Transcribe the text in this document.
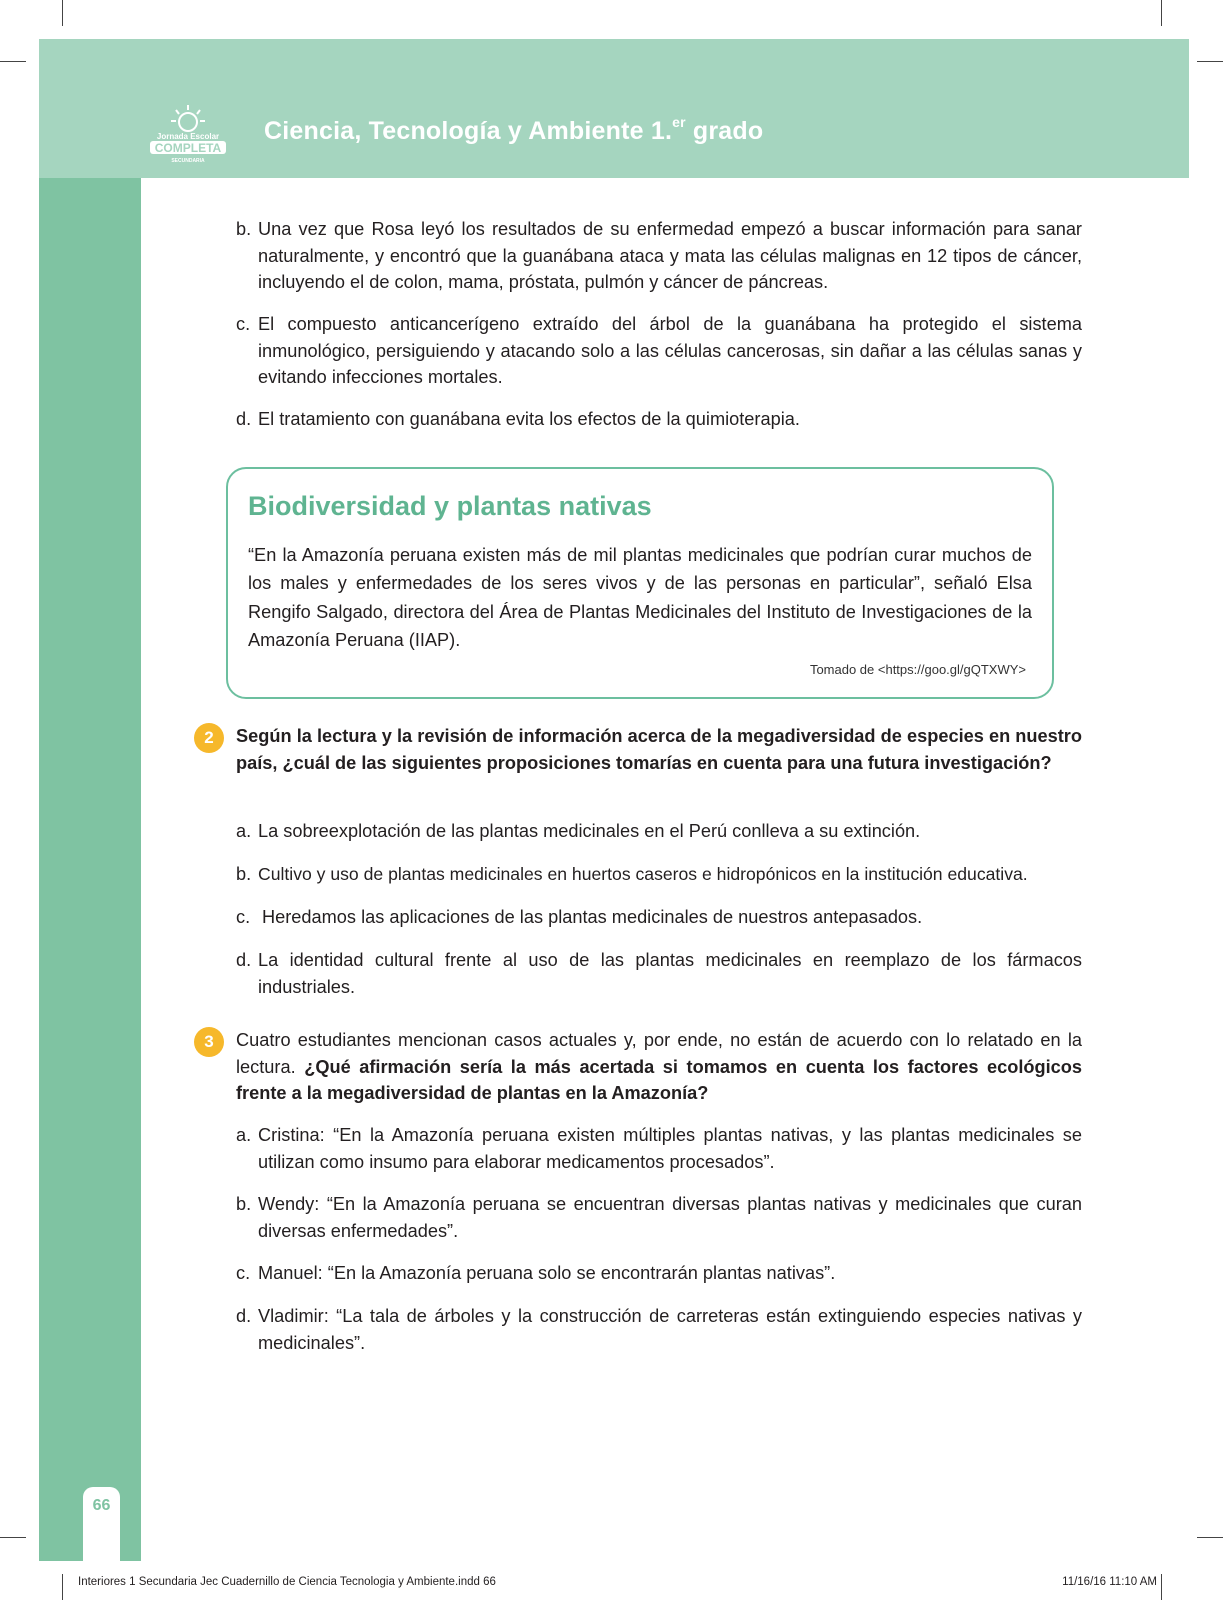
Jornada Escolar
COMPLETA
SECUNDARIA
Ciencia, Tecnología y Ambiente 1.$^{er}$ grado
66
b. Una vez que Rosa leyó los resultados de su enfermedad empezó a buscar información para sanar naturalmente, y encontró que la guanábana ataca y mata las células malignas en 12 tipos de cáncer, incluyendo el de colon, mama, próstata, pulmón y cáncer de páncreas.
c. El compuesto anticancerígeno extraído del árbol de la guanábana ha protegido el sistema inmunológico, persiguiendo y atacando solo a las células cancerosas, sin dañar a las células sanas y evitando infecciones mortales.
d. El tratamiento con guanábana evita los efectos de la quimioterapia.
Biodiversidad y plantas nativas

“En la Amazonía peruana existen más de mil plantas medicinales que podrían curar muchos de los males y enfermedades de los seres vivos y de las personas en particular”, señaló Elsa Rengifo Salgado, directora del Área de Plantas Medicinales del Instituto de Investigaciones de la Amazonía Peruana (IIAP).

Tomado de <https://goo.gl/gQTXWY>
2	Según la lectura y la revisión de información acerca de la megadiversidad de especies en nuestro país, ¿cuál de las siguientes proposiciones tomarías en cuenta para una futura investigación?

a. La sobreexplotación de las plantas medicinales en el Perú conlleva a su extinción.
b. Cultivo y uso de plantas medicinales en huertos caseros e hidropónicos en la institución educativa.
c. Heredamos las aplicaciones de las plantas medicinales de nuestros antepasados.
d. La identidad cultural frente al uso de las plantas medicinales en reemplazo de los fármacos industriales.
3	Cuatro estudiantes mencionan casos actuales y, por ende, no están de acuerdo con lo relatado en la lectura. ¿Qué afirmación sería la más acertada si tomamos en cuenta los factores ecológicos frente a la megadiversidad de plantas en la Amazonía?

a. Cristina: “En la Amazonía peruana existen múltiples plantas nativas, y las plantas medicinales se utilizan como insumo para elaborar medicamentos procesados”.
b. Wendy: “En la Amazonía peruana se encuentran diversas plantas nativas y medicinales que curan diversas enfermedades”.
c. Manuel: “En la Amazonía peruana solo se encontrarán plantas nativas”.
d. Vladimir: “La tala de árboles y la construcción de carreteras están extinguiendo especies nativas y medicinales”.
Interiores 1 Secundaria Jec Cuadernillo de Ciencia Tecnologia y Ambiente.indd 66	11/16/16 11:10 AM
